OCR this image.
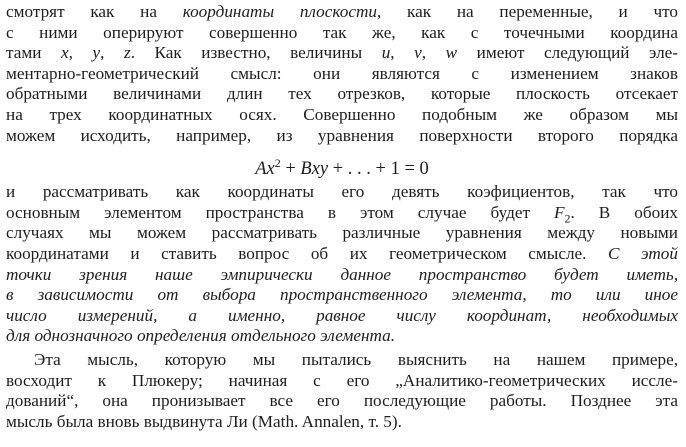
смотрят как на координаты плоскости, как на переменные, и что
с ними оперируют совершенно так же, как с точечными координа
тами x, y, z. Как известно, величины u, v, w имеют следующий эле-
ментарно-геометрический смысл: они являются с изменением знаков
обратными величинами длин тех отрезков, которые плоскость отсекает
на трех координатных осях. Совершенно подобным же образом мы
можем исходить, например, из уравнения поверхности второго порядка
$Ax^2$ + Bxy + . . . + 1 = 0
и рассматривать как координаты его девять коэфициентов, так что
основным элементом пространства в этом случае будет $F_2$. В обоих
случаях мы можем рассматривать различные уравнения между новыми
координатами и ставить вопрос об их геометрическом смысле. С этой
точки зрения наше эмпирически данное пространство будет иметь,
в зависимости от выбора пространственного элемента, то или иное
число измерений, а именно, равное числу координат, необходимых
для однозначного определения отдельного элемента.
Эта мысль, которую мы пытались выяснить на нашем примере,
восходит к Плюкеру; начиная с его „Аналитико-геометрических иссле-
дований“, она пронизывает все его последующие работы. Позднее эта
мысль была вновь выдвинута Ли (Math. Annalen, т. 5).
